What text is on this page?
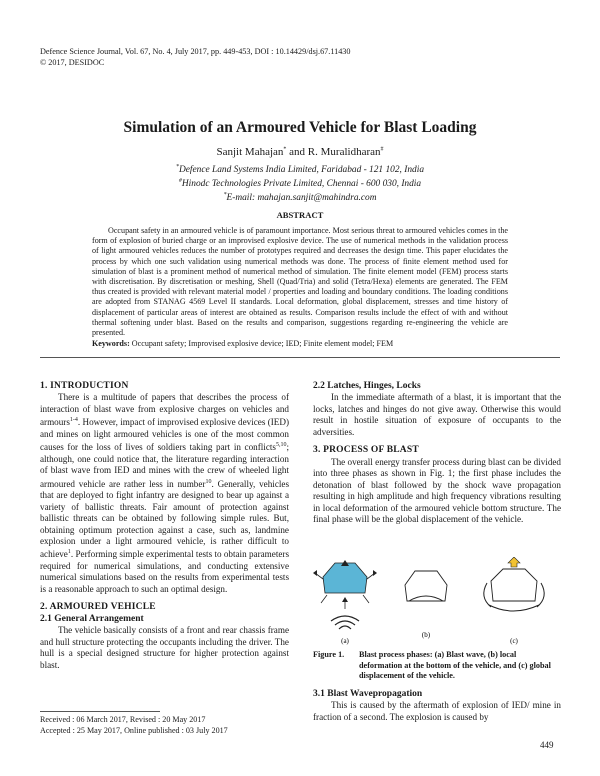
Defence Science Journal, Vol. 67, No. 4, July 2017, pp. 449-453, DOI : 10.14429/dsj.67.11430
© 2017, DESIDOC
Simulation of an Armoured Vehicle for Blast Loading
Sanjit Mahajan* and R. Muralidharan#
*Defence Land Systems India Limited, Faridabad - 121 102, India
#Hinodc Technologies Private Limited, Chennai - 600 030, India
*E-mail: mahajan.sanjit@mahindra.com
ABSTRACT

Occupant safety in an armoured vehicle is of paramount importance. Most serious threat to armoured vehicles comes in the form of explosion of buried charge or an improvised explosive device. The use of numerical methods in the validation process of light armoured vehicles reduces the number of prototypes required and decreases the design time. This paper elucidates the process by which one such validation using numerical methods was done. The process of finite element method used for simulation of blast is a prominent method of numerical method of simulation. The finite element model (FEM) process starts with discretisation. By discretisation or meshing, Shell (Quad/Tria) and solid (Tetra/Hexa) elements are generated. The FEM thus created is provided with relevant material model / properties and loading and boundary conditions. The loading conditions are adopted from STANAG 4569 Level II standards. Local deformation, global displacement, stresses and time history of displacement of particular areas of interest are obtained as results. Comparison results include the effect of with and without thermal softening under blast. Based on the results and comparison, suggestions regarding re-engineering the vehicle are presented.

Keywords: Occupant safety; Improvised explosive device; IED; Finite element model; FEM
1. INTRODUCTION

There is a multitude of papers that describes the process of interaction of blast wave from explosive charges on vehicles and armours$^{1-4}$. However, impact of improvised explosive devices (IED) and mines on light armoured vehicles is one of the most common causes for the loss of lives of soldiers taking part in conflicts$^{5,10}$; although, one could notice that, the literature regarding interaction of blast wave from IED and mines with the crew of wheeled light armoured vehicle are rather less in number$^{10}$. Generally, vehicles that are deployed to fight infantry are designed to bear up against a variety of ballistic threats. Fair amount of protection against ballistic threats can be obtained by following simple rules. But, obtaining optimum protection against a case, such as, landmine explosion under a light armoured vehicle, is rather difficult to achieve$^1$. Performing simple experimental tests to obtain parameters required for numerical simulations, and conducting extensive numerical simulations based on the results from experimental tests is a reasonable approach to such an optimal design.

2. ARMOURED VEHICLE
2.1 General Arrangement

The vehicle basically consists of a front and rear chassis frame and hull structure protecting the occupants including the driver. The hull is a special designed structure for higher protection against blast.

2.2 Latches, Hinges, Locks

In the immediate aftermath of a blast, it is important that the locks, latches and hinges do not give away. Otherwise this would result in hostile situation of exposure of occupants to the adversities.

3. PROCESS OF BLAST

The overall energy transfer process during blast can be divided into three phases as shown in Fig. 1; the first phase includes the detonation of blast followed by the shock wave propagation resulting in high amplitude and high frequency vibrations resulting in local deformation of the armoured vehicle bottom structure. The final phase will be the global displacement of the vehicle.

(a)
(b)
(c)
Figure 1. Blast process phases: (a) Blast wave, (b) local deformation at the bottom of the vehicle, and (c) global displacement of the vehicle.
3.1 Blast Wavepropagation

This is caused by the aftermath of explosion of IED/ mine in fraction of a second. The explosion is caused by

Received : 06 March 2017, Revised : 20 May 2017
Accepted : 25 May 2017, Online published : 03 July 2017
449
